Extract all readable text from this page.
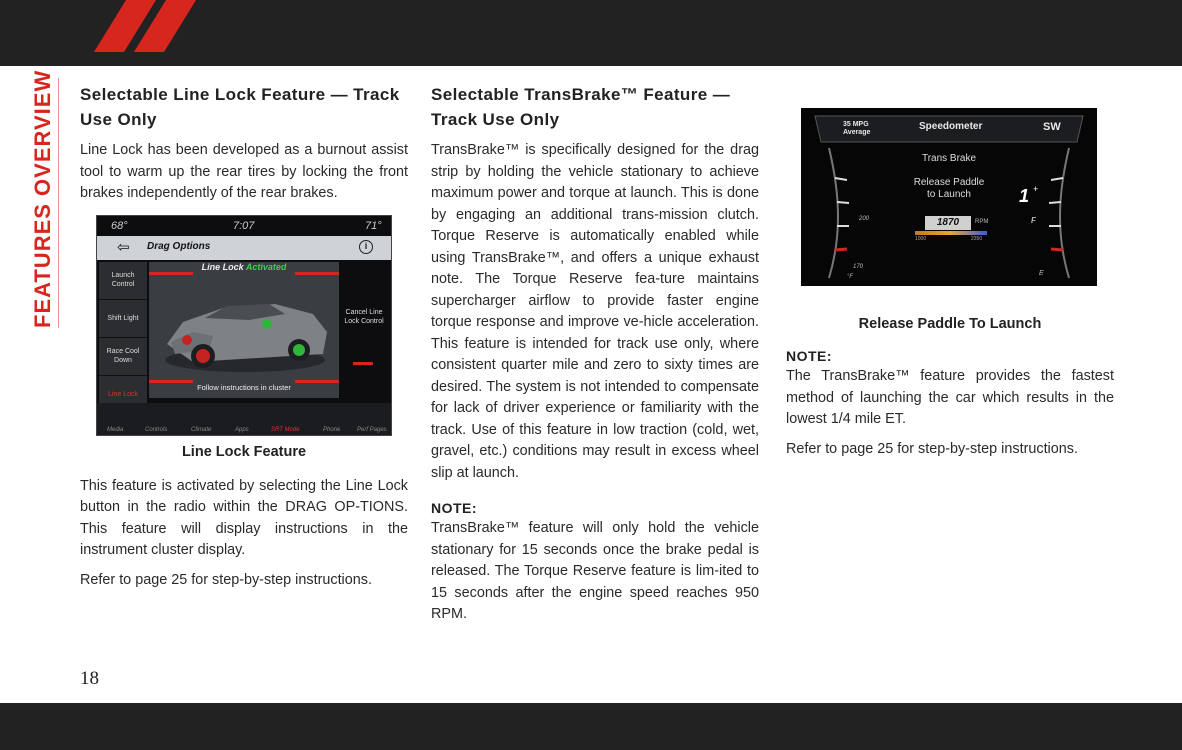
FEATURES OVERVIEW Selectable Line Lock Feature — Track Use Only

Line Lock has been developed as a burnout assist tool to warm up the rear tires by locking the front brakes independently of the rear brakes.

68°	7:07	71°
⇦ Drag Options	i
Line Lock Activated
Follow instructions in cluster
Launch Control
Shift Light
Race Cool Down
Line Lock
Cancel Line Lock Control
Media	Controls	Climate	Apps	SRT Mode	Phone	Perf Pages
Line Lock Feature

This feature is activated by selecting the Line Lock button in the radio within the DRAG OP-TIONS. This feature will display instructions in the instrument cluster display.

Refer to page 25 for step-by-step instructions.

Selectable TransBrake™ Feature — Track Use Only

TransBrake™ is specifically designed for the drag strip by holding the vehicle stationary to achieve maximum power and torque at launch. This is done by engaging an additional trans-mission clutch. Torque Reserve is automatically enabled while using TransBrake™, and offers a unique exhaust note. The Torque Reserve fea-ture maintains supercharger airflow to provide faster engine torque response and improve ve-hicle acceleration. This feature is intended for track use only, where consistent quarter mile and zero to sixty times are desired. The system is not intended to compensate for lack of driver experience or familiarity with the track. Use of this feature in low traction (cold, wet, gravel, etc.) conditions may result in excess wheel slip at launch.

NOTE:

TransBrake™ feature will only hold the vehicle stationary for 15 seconds once the brake pedal is released. The Torque Reserve feature is lim-ited to 15 seconds after the engine speed reaches 950 RPM.

35 MPG
Average
Speedometer	SW
Trans Brake
Release Paddle
to Launch
1870	RPM
1000	2350
1 +
200
170
°F
F
E
Release Paddle To Launch
NOTE:

The TransBrake™ feature provides the fastest method of launching the car which results in the lowest 1/4 mile ET.

Refer to page 25 for step-by-step instructions.

18
